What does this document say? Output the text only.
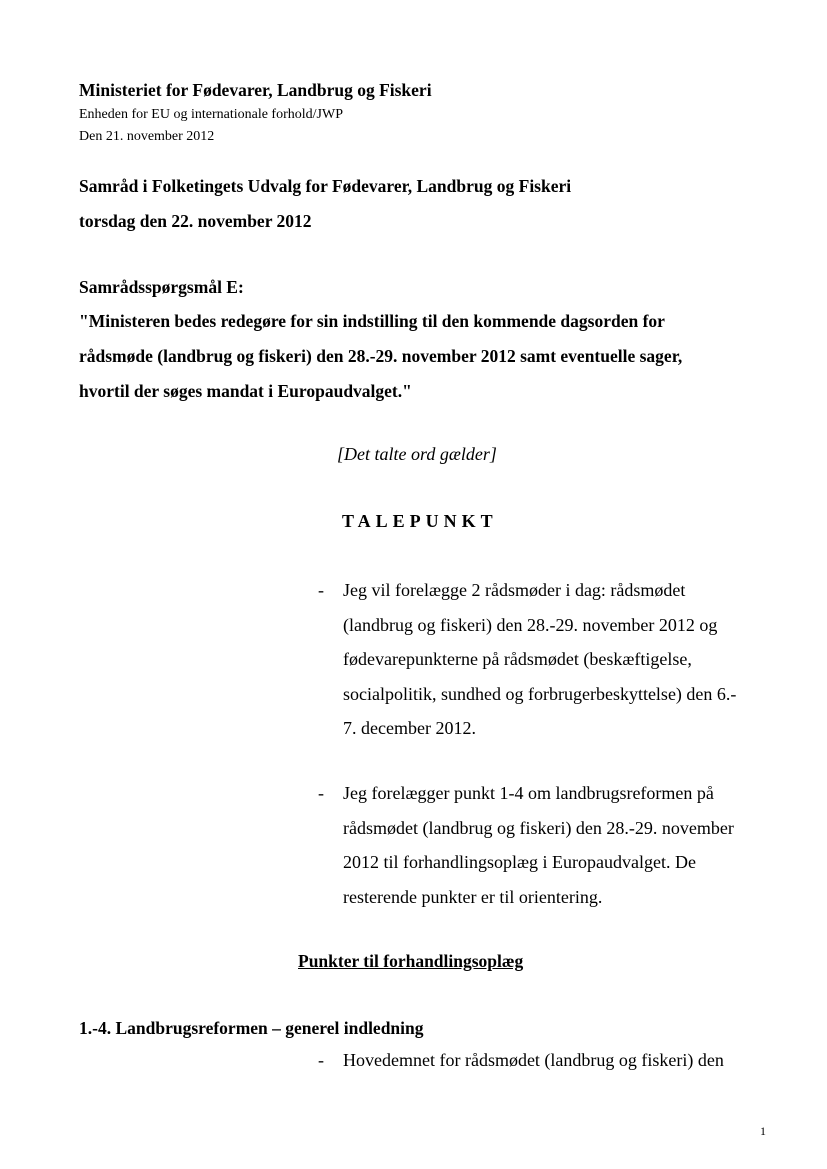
Ministeriet for Fødevarer, Landbrug og Fiskeri
Enheden for EU og internationale forhold/JWP
Den 21. november 2012
Samråd i Folketingets Udvalg for Fødevarer, Landbrug og Fiskeri
torsdag den 22. november 2012
Samrådsspørgsmål E:
"Ministeren bedes redegøre for sin indstilling til den kommende dagsorden for
rådsmøde (landbrug og fiskeri) den 28.-29. november 2012 samt eventuelle sager,
hvortil der søges mandat i Europaudvalget."
[Det talte ord gælder]
TALEPUNKT
- Jeg vil forelægge 2 rådsmøder i dag: rådsmødet
(landbrug og fiskeri) den 28.-29. november 2012 og
fødevarepunkterne på rådsmødet (beskæftigelse,
socialpolitik, sundhed og forbrugerbeskyttelse) den 6.-
7. december 2012.
- Jeg forelægger punkt 1-4 om landbrugsreformen på
rådsmødet (landbrug og fiskeri) den 28.-29. november
2012 til forhandlingsoplæg i Europaudvalget. De
resterende punkter er til orientering.
Punkter til forhandlingsoplæg
1.-4. Landbrugsreformen – generel indledning
- Hovedemnet for rådsmødet (landbrug og fiskeri) den
1
